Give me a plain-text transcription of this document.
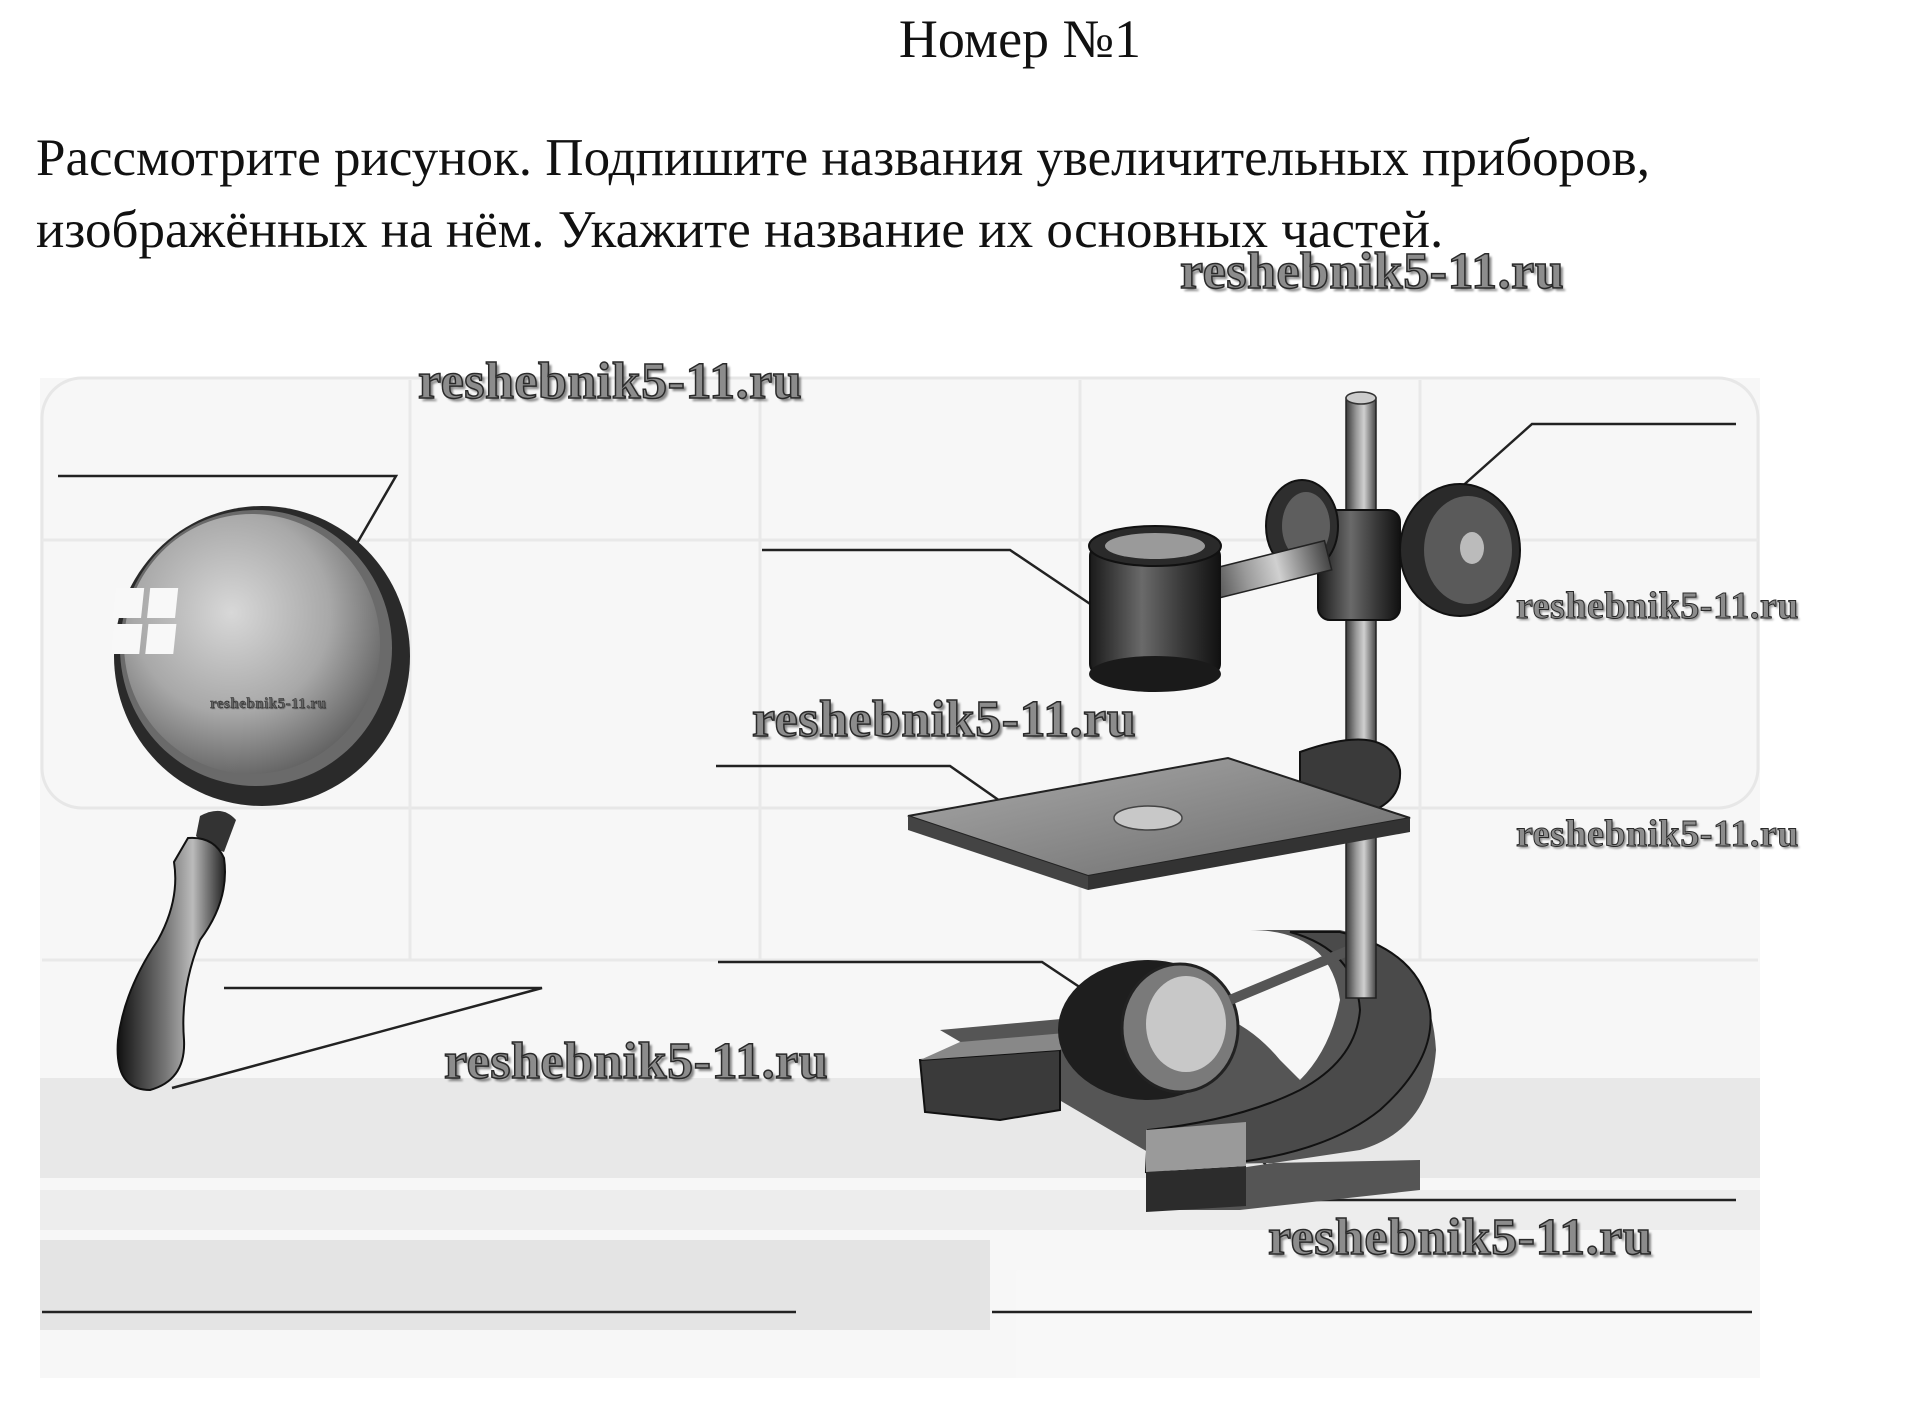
Номер №1
Рассмотрите рисунок. Подпишите названия увеличительных приборов,
изображённых на нём. Укажите название их основных частей.
reshebnik5-11.ru
reshebnik5-11.ru
reshebnik5-11.ru
reshebnik5-11.ru
reshebnik5-11.ru
reshebnik5-11.ru
reshebnik5-11.ru
reshebnik5-11.ru
